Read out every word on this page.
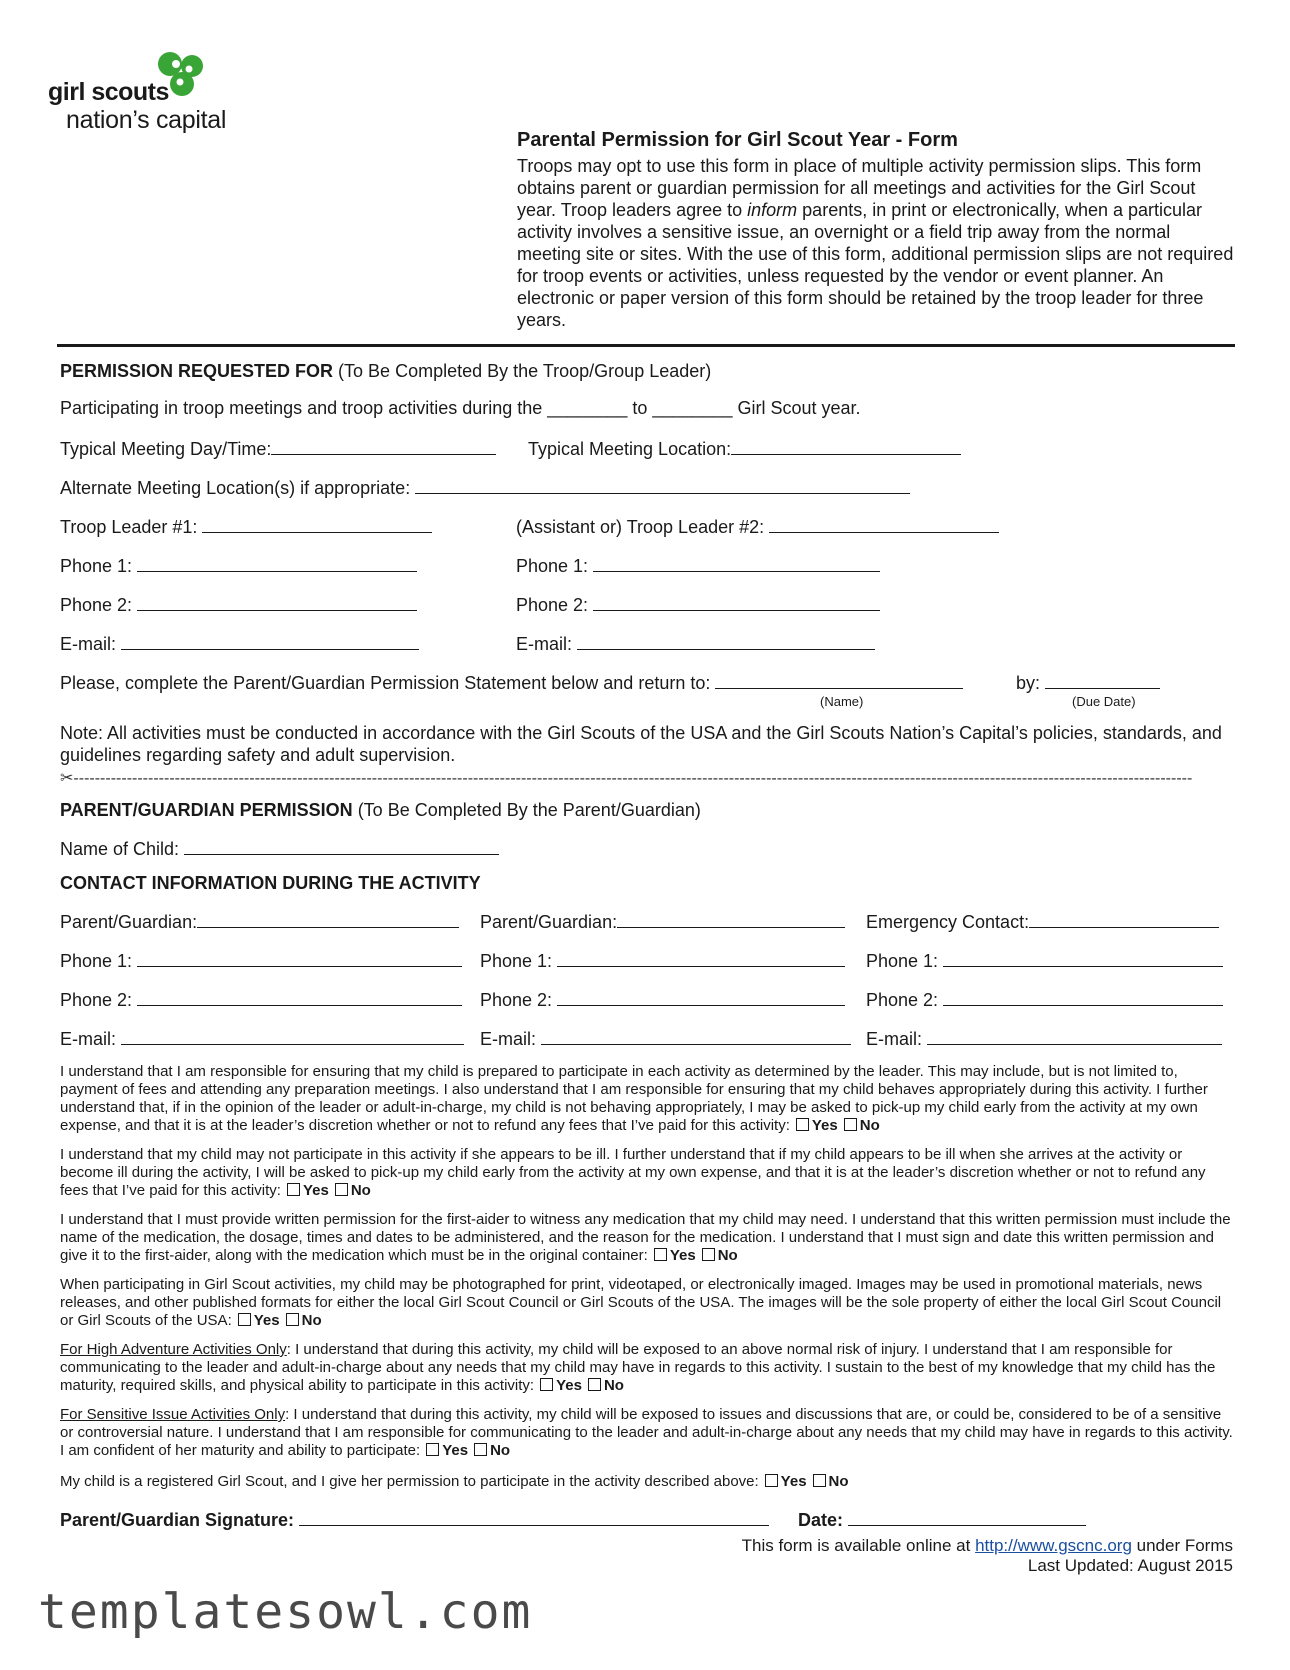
girl scouts
nation’s capital
Parental Permission for Girl Scout Year - Form
Troops may opt to use this form in place of multiple activity permission slips. This form obtains parent or guardian permission for all meetings and activities for the Girl Scout year. Troop leaders agree to inform parents, in print or electronically, when a particular activity involves a sensitive issue, an overnight or a field trip away from the normal meeting site or sites. With the use of this form, additional permission slips are not required for troop events or activities, unless requested by the vendor or event planner. An electronic or paper version of this form should be retained by the troop leader for three years.
PERMISSION REQUESTED FOR (To Be Completed By the Troop/Group Leader)
Participating in troop meetings and troop activities during the ________ to ________ Girl Scout year.
Typical Meeting Day/Time:	Typical Meeting Location:
Alternate Meeting Location(s) if appropriate:
Troop Leader #1:	(Assistant or) Troop Leader #2:
Phone 1:	Phone 1:
Phone 2:	Phone 2:
E-mail:	E-mail:
Please, complete the Parent/Guardian Permission Statement below and return to:	by:
(Name)	(Due Date)
Note: All activities must be conducted in accordance with the Girl Scouts of the USA and the Girl Scouts Nation’s Capital’s policies, standards, and guidelines regarding safety and adult supervision.
✂------------------------------------------------------------------------------------------------------------------------------------------------------------------------------------------------------------------
PARENT/GUARDIAN PERMISSION (To Be Completed By the Parent/Guardian)
Name of Child:
CONTACT INFORMATION DURING THE ACTIVITY
Parent/Guardian:	Parent/Guardian:	Emergency Contact:
Phone 1:	Phone 1:	Phone 1:
Phone 2:	Phone 2:	Phone 2:
E-mail:	E-mail:	E-mail:
I understand that I am responsible for ensuring that my child is prepared to participate in each activity as determined by the leader. This may include, but is not limited to, payment of fees and attending any preparation meetings. I also understand that I am responsible for ensuring that my child behaves appropriately during this activity. I further understand that, if in the opinion of the leader or adult-in-charge, my child is not behaving appropriately, I may be asked to pick-up my child early from the activity at my own expense, and that it is at the leader’s discretion whether or not to refund any fees that I’ve paid for this activity: Yes No
I understand that my child may not participate in this activity if she appears to be ill. I further understand that if my child appears to be ill when she arrives at the activity or become ill during the activity, I will be asked to pick-up my child early from the activity at my own expense, and that it is at the leader’s discretion whether or not to refund any fees that I’ve paid for this activity: Yes No
I understand that I must provide written permission for the first-aider to witness any medication that my child may need. I understand that this written permission must include the name of the medication, the dosage, times and dates to be administered, and the reason for the medication. I understand that I must sign and date this written permission and give it to the first-aider, along with the medication which must be in the original container: Yes No
When participating in Girl Scout activities, my child may be photographed for print, videotaped, or electronically imaged. Images may be used in promotional materials, news releases, and other published formats for either the local Girl Scout Council or Girl Scouts of the USA. The images will be the sole property of either the local Girl Scout Council or Girl Scouts of the USA: Yes No
For High Adventure Activities Only: I understand that during this activity, my child will be exposed to an above normal risk of injury. I understand that I am responsible for communicating to the leader and adult-in-charge about any needs that my child may have in regards to this activity. I sustain to the best of my knowledge that my child has the maturity, required skills, and physical ability to participate in this activity: Yes No
For Sensitive Issue Activities Only: I understand that during this activity, my child will be exposed to issues and discussions that are, or could be, considered to be of a sensitive or controversial nature. I understand that I am responsible for communicating to the leader and adult-in-charge about any needs that my child may have in regards to this activity. I am confident of her maturity and ability to participate: Yes No
My child is a registered Girl Scout, and I give her permission to participate in the activity described above: Yes No
Parent/Guardian Signature:	Date:
This form is available online at http://www.gscnc.org under Forms
Last Updated: August 2015
templatesowl.com
